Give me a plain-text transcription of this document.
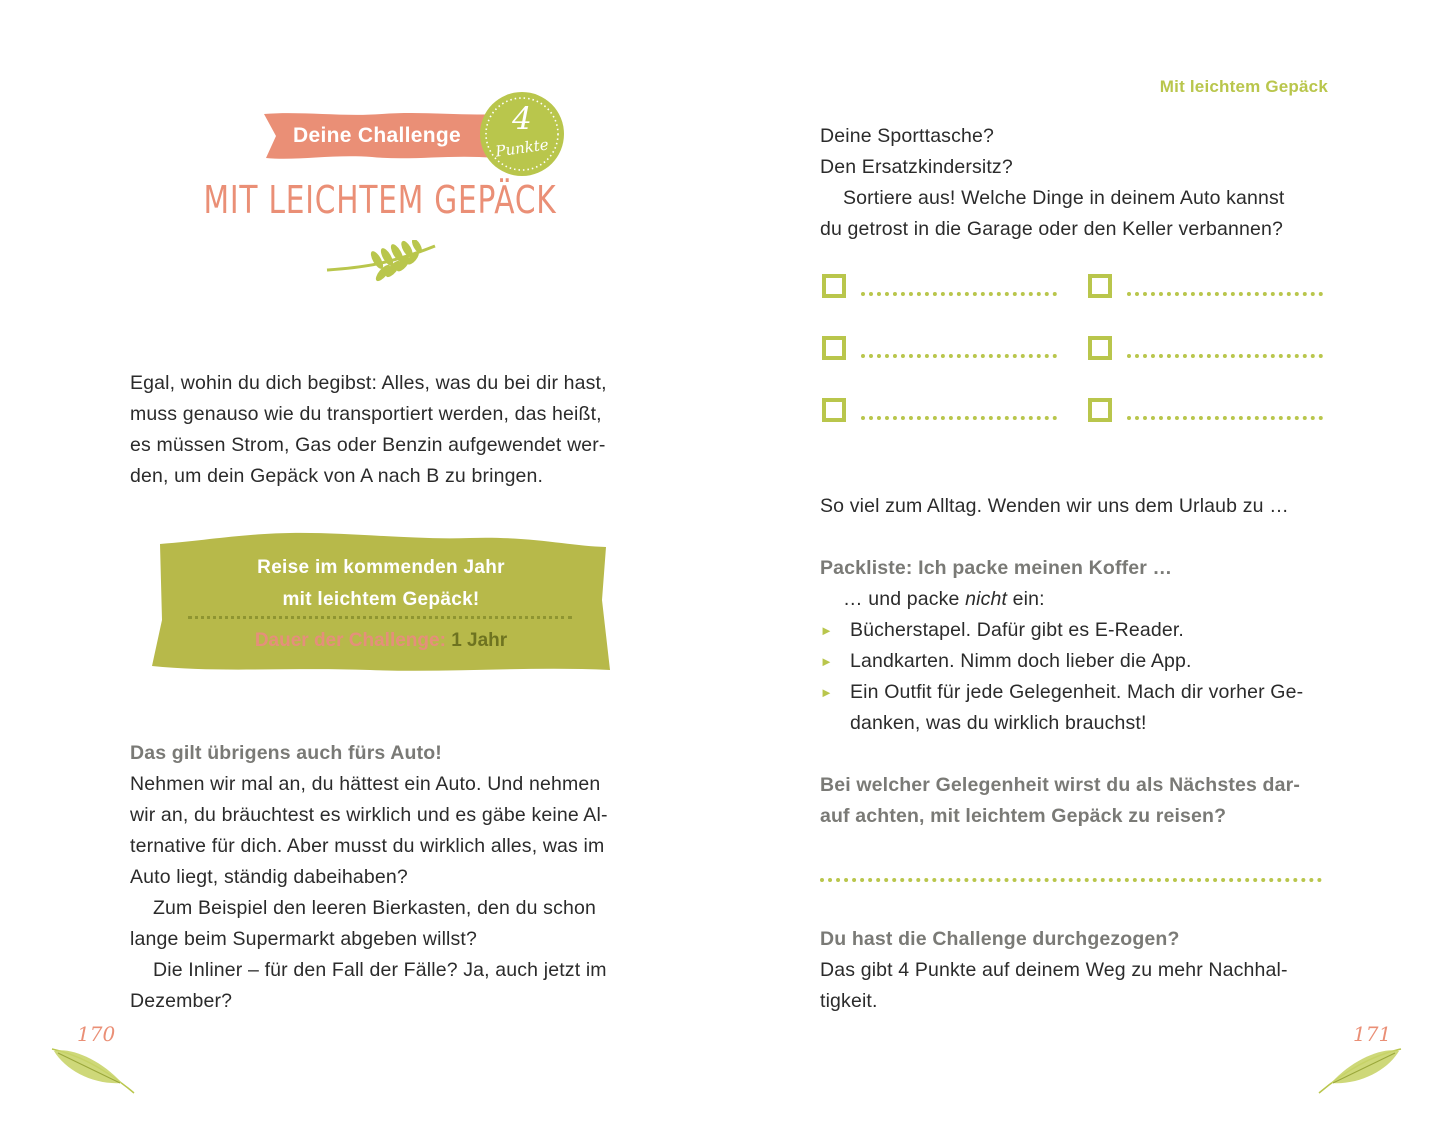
Deine Challenge	4
Punkte
MIT LEICHTEM GEPÄCK

Egal, wohin du dich begibst: Alles, was du bei dir hast,

muss genauso wie du transportiert werden, das heißt,

es müssen Strom, Gas oder Benzin aufgewendet wer-

den, um dein Gepäck von A nach B zu bringen.

Reise im kommenden Jahr
mit leichtem Gepäck!
Dauer der Challenge: 1 Jahr

Das gilt übrigens auch fürs Auto!

Nehmen wir mal an, du hättest ein Auto. Und nehmen

wir an, du bräuchtest es wirklich und es gäbe keine Al-

ternative für dich. Aber musst du wirklich alles, was im

Auto liegt, ständig dabeihaben?

Zum Beispiel den leeren Bierkasten, den du schon

lange beim Supermarkt abgeben willst?

Die Inliner – für den Fall der Fälle? Ja, auch jetzt im

Dezember?

170
Mit leichtem Gepäck

Deine Sporttasche?

Den Ersatzkindersitz?

Sortiere aus! Welche Dinge in deinem Auto kannst

du getrost in die Garage oder den Keller verbannen?

So viel zum Alltag. Wenden wir uns dem Urlaub zu …

Packliste: Ich packe meinen Koffer …

… und packe nicht ein:

► Bücherstapel. Dafür gibt es E-Reader.
► Landkarten. Nimm doch lieber die App.
► Ein Outfit für jede Gelegenheit. Mach dir vorher Ge-
danken, was du wirklich brauchst!

Bei welcher Gelegenheit wirst du als Nächstes dar-

auf achten, mit leichtem Gepäck zu reisen?

Du hast die Challenge durchgezogen?

Das gibt 4 Punkte auf deinem Weg zu mehr Nachhal-

tigkeit.

171
